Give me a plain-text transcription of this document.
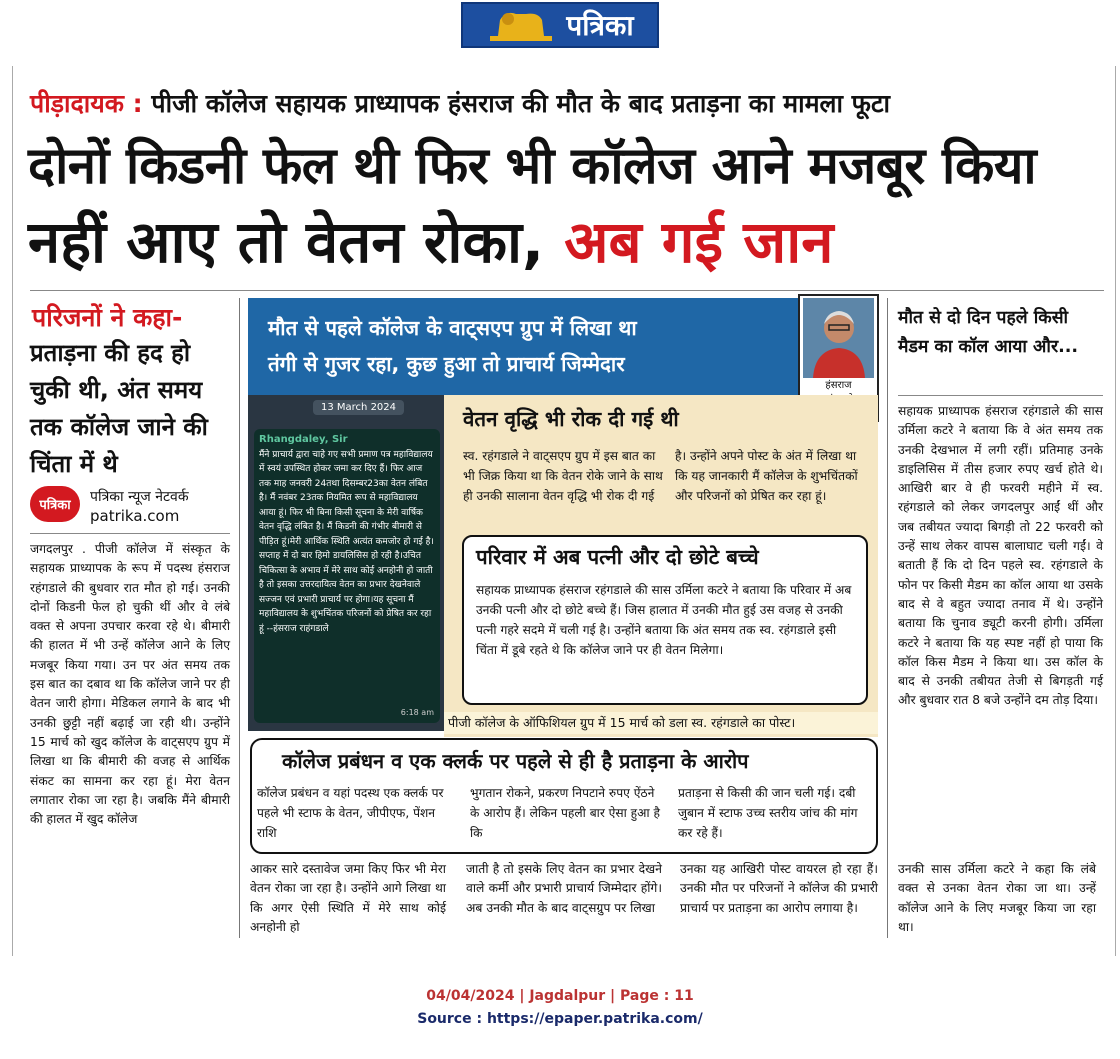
पत्रिका
पीड़ादायक : पीजी कॉलेज सहायक प्राध्यापक हंसराज की मौत के बाद प्रताड़ना का मामला फूटा
दोनों किडनी फेल थी फिर भी कॉलेज आने मजबूर किया
नहीं आए तो वेतन रोका, अब गई जान
परिजनों ने कहा-
प्रताड़ना की हद हो चुकी थी, अंत समय तक कॉलेज जाने की चिंता में थे
पत्रिका
पत्रिका न्यूज नेटवर्क
patrika.com
जगदलपुर . पीजी कॉलेज में संस्कृत के सहायक प्राध्यापक के रूप में पदस्थ हंसराज रहंगडाले की बुधवार रात मौत हो गई। उनकी दोनों किडनी फेल हो चुकी थीं और वे लंबे वक्त से अपना उपचार करवा रहे थे। बीमारी की हालत में भी उन्हें कॉलेज आने के लिए मजबूर किया गया। उन पर अंत समय तक इस बात का दबाव था कि कॉलेज जाने पर ही वेतन जारी होगा। मेडिकल लगाने के बाद भी उनकी छुट्टी नहीं बढ़ाई जा रही थी। उन्होंने 15 मार्च को खुद कॉलेज के वाट्सएप ग्रुप में लिखा था कि बीमारी की वजह से आर्थिक संकट का सामना कर रहा हूं। मेरा वेतन लगातार रोका जा रहा है। जबकि मैंने बीमारी की हालत में खुद कॉलेज
मौत से पहले कॉलेज के वाट्सएप ग्रुप में लिखा था
तंगी से गुजर रहा, कुछ हुआ तो प्राचार्य जिम्मेदार
हंसराज
13 March 2024
Rhangdaley, Sir
मैंने प्राचार्य द्वारा चाहे गए सभी प्रमाण पत्र महाविद्यालय में स्वयं उपस्थित होकर जमा कर दिए हैं। फिर आज तक माह जनवरी 24तथा दिसम्बर23का वेतन लंबित है। मैं नवंबर 23तक नियमित रूप से महाविद्यालय आया हूं। फिर भी बिना किसी सूचना के मेरी वार्षिक वेतन वृद्धि लंबित है। मैं किडनी की गंभीर बीमारी से पीड़ित हूं।मेरी आर्थिक स्थिति अत्यंत कमजोर हो गई है।सप्ताह में दो बार हिमो डायलिसिस हो रही है।उचित चिकित्सा के अभाव में मेरे साथ कोई अनहोनी हो जाती है तो इसका उत्तरदायित्व वेतन का प्रभार देखनेवाले सज्जन एवं प्रभारी प्राचार्य पर होगा।यह सूचना मैं महाविद्यालय के शुभचिंतक परिजनों को प्रेषित कर रहा हूं --हंसराज राहंगडाले
6:18 am
वेतन वृद्धि भी रोक दी गई थी
स्व. रहंगडाले ने वाट्सएप ग्रुप में इस बात का भी जिक्र किया था कि वेतन रोके जाने के साथ ही उनकी सालाना वेतन वृद्धि भी रोक दी गई
है। उन्होंने अपने पोस्ट के अंत में लिखा था कि यह जानकारी मैं कॉलेज के शुभचिंतकों और परिजनों को प्रेषित कर रहा हूं।
परिवार में अब पत्नी और दो छोटे बच्चे
सहायक प्राध्यापक हंसराज रहंगडाले की सास उर्मिला कटरे ने बताया कि परिवार में अब उनकी पत्नी और दो छोटे बच्चे हैं। जिस हालात में उनकी मौत हुई उस वजह से उनकी पत्नी गहरे सदमे में चली गई है। उन्होंने बताया कि अंत समय तक स्व. रहंगडाले इसी चिंता में डूबे रहते थे कि कॉलेज जाने पर ही वेतन मिलेगा।
पीजी कॉलेज के ऑफिशियल ग्रुप में 15 मार्च को डला स्व. रहंगडाले का पोस्ट।
कॉलेज प्रबंधन व एक क्लर्क पर पहले से ही है प्रताड़ना के आरोप
कॉलेज प्रबंधन व यहां पदस्थ एक क्लर्क पर पहले भी स्टाफ के वेतन, जीपीएफ, पेंशन राशि
भुगतान रोकने, प्रकरण निपटाने रुपए ऐंठने के आरोप हैं। लेकिन पहली बार ऐसा हुआ है कि
प्रताड़ना से किसी की जान चली गई। दबी जुबान में स्टाफ उच्च स्तरीय जांच की मांग कर रहे हैं।
मौत से दो दिन पहले किसी मैडम का कॉल आया और...
सहायक प्राध्यापक हंसराज रहंगडाले की सास उर्मिला कटरे ने बताया कि वे अंत समय तक उनकी देखभाल में लगी रहीं। प्रतिमाह उनके डाइलिसिस में तीस हजार रुपए खर्च होते थे। आखिरी बार वे ही फरवरी महीने में स्व. रहंगडाले को लेकर जगदलपुर आईं थीं और जब तबीयत ज्यादा बिगड़ी तो 22 फरवरी को उन्हें साथ लेकर वापस बालाघाट चली गईं। वे बताती हैं कि दो दिन पहले स्व. रहंगडाले के फोन पर किसी मैडम का कॉल आया था उसके बाद से वे बहुत ज्यादा तनाव में थे। उन्होंने बताया कि चुनाव ड्यूटी करनी होगी। उर्मिला कटरे ने बताया कि यह स्पष्ट नहीं हो पाया कि कॉल किस मैडम ने किया था। उस कॉल के बाद से उनकी तबीयत तेजी से बिगड़ती गई और बुधवार रात 8 बजे उन्होंने दम तोड़ दिया।
आकर सारे दस्तावेज जमा किए फिर भी मेरा वेतन रोका जा रहा है। उन्होंने आगे लिखा था कि अगर ऐसी स्थिति में मेरे साथ कोई अनहोनी हो
जाती है तो इसके लिए वेतन का प्रभार देखने वाले कर्मी और प्रभारी प्राचार्य जिम्मेदार होंगे। अब उनकी मौत के बाद वाट्सग्रुप पर लिखा
उनका यह आखिरी पोस्ट वायरल हो रहा हैं। उनकी मौत पर परिजनों ने कॉलेज की प्रभारी प्राचार्य पर प्रताड़ना का आरोप लगाया है।
उनकी सास उर्मिला कटरे ने कहा कि लंबे वक्त से उनका वेतन रोका जा था। उन्हें कॉलेज आने के लिए मजबूर किया जा रहा था।
04/04/2024 | Jagdalpur | Page : 11
Source : https://epaper.patrika.com/
